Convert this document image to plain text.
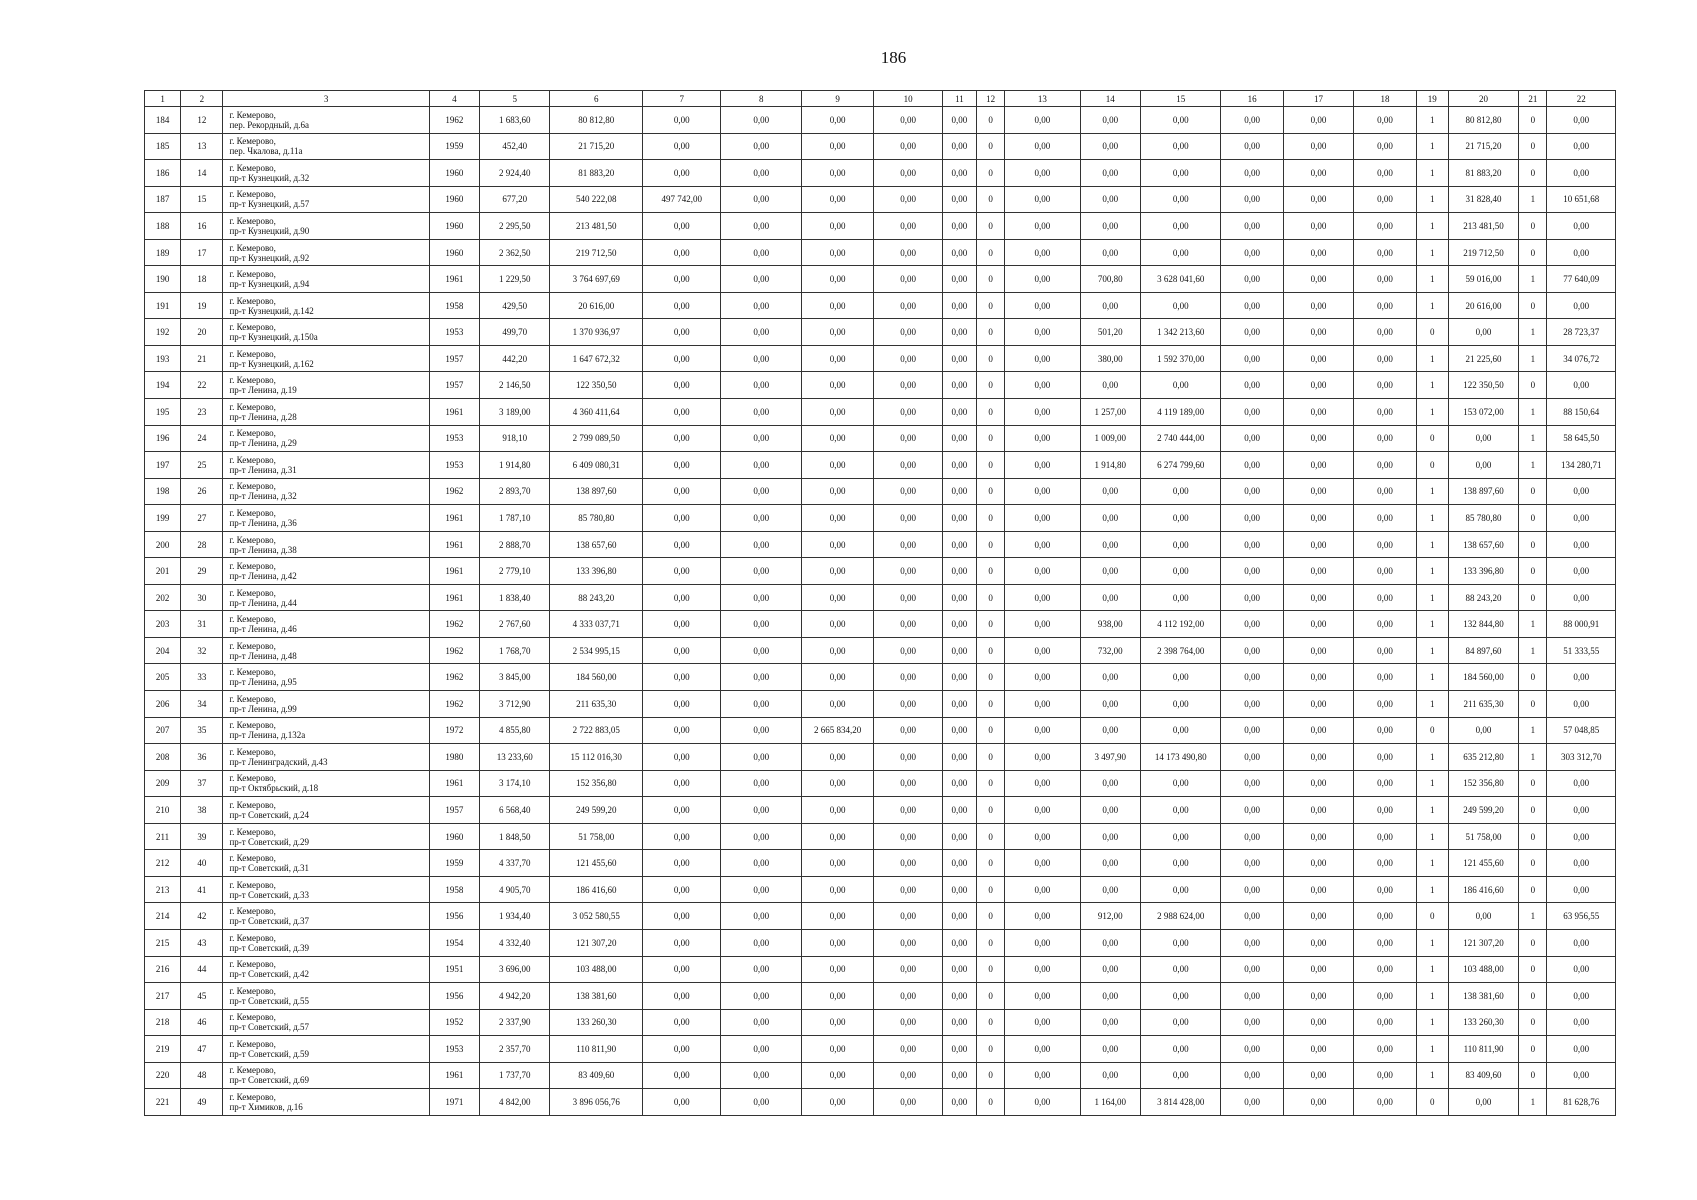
186
1	2	3	4	5	6	7	8	9	10	11	12	13	14	15	16	17	18	19	20	21	22
184	12	г. Кемерово,
пер. Рекордный, д.6а	1962	1 683,60	80 812,80	0,00	0,00	0,00	0,00	0,00	0	0,00	0,00	0,00	0,00	0,00	0,00	1	80 812,80	0	0,00
185	13	г. Кемерово,
пер. Чкалова, д.11а	1959	452,40	21 715,20	0,00	0,00	0,00	0,00	0,00	0	0,00	0,00	0,00	0,00	0,00	0,00	1	21 715,20	0	0,00
186	14	г. Кемерово,
пр-т Кузнецкий, д.32	1960	2 924,40	81 883,20	0,00	0,00	0,00	0,00	0,00	0	0,00	0,00	0,00	0,00	0,00	0,00	1	81 883,20	0	0,00
187	15	г. Кемерово,
пр-т Кузнецкий, д.57	1960	677,20	540 222,08	497 742,00	0,00	0,00	0,00	0,00	0	0,00	0,00	0,00	0,00	0,00	0,00	1	31 828,40	1	10 651,68
188	16	г. Кемерово,
пр-т Кузнецкий, д.90	1960	2 295,50	213 481,50	0,00	0,00	0,00	0,00	0,00	0	0,00	0,00	0,00	0,00	0,00	0,00	1	213 481,50	0	0,00
189	17	г. Кемерово,
пр-т Кузнецкий, д.92	1960	2 362,50	219 712,50	0,00	0,00	0,00	0,00	0,00	0	0,00	0,00	0,00	0,00	0,00	0,00	1	219 712,50	0	0,00
190	18	г. Кемерово,
пр-т Кузнецкий, д.94	1961	1 229,50	3 764 697,69	0,00	0,00	0,00	0,00	0,00	0	0,00	700,80	3 628 041,60	0,00	0,00	0,00	1	59 016,00	1	77 640,09
191	19	г. Кемерово,
пр-т Кузнецкий, д.142	1958	429,50	20 616,00	0,00	0,00	0,00	0,00	0,00	0	0,00	0,00	0,00	0,00	0,00	0,00	1	20 616,00	0	0,00
192	20	г. Кемерово,
пр-т Кузнецкий, д.150а	1953	499,70	1 370 936,97	0,00	0,00	0,00	0,00	0,00	0	0,00	501,20	1 342 213,60	0,00	0,00	0,00	0	0,00	1	28 723,37
193	21	г. Кемерово,
пр-т Кузнецкий, д.162	1957	442,20	1 647 672,32	0,00	0,00	0,00	0,00	0,00	0	0,00	380,00	1 592 370,00	0,00	0,00	0,00	1	21 225,60	1	34 076,72
194	22	г. Кемерово,
пр-т Ленина, д.19	1957	2 146,50	122 350,50	0,00	0,00	0,00	0,00	0,00	0	0,00	0,00	0,00	0,00	0,00	0,00	1	122 350,50	0	0,00
195	23	г. Кемерово,
пр-т Ленина, д.28	1961	3 189,00	4 360 411,64	0,00	0,00	0,00	0,00	0,00	0	0,00	1 257,00	4 119 189,00	0,00	0,00	0,00	1	153 072,00	1	88 150,64
196	24	г. Кемерово,
пр-т Ленина, д.29	1953	918,10	2 799 089,50	0,00	0,00	0,00	0,00	0,00	0	0,00	1 009,00	2 740 444,00	0,00	0,00	0,00	0	0,00	1	58 645,50
197	25	г. Кемерово,
пр-т Ленина, д.31	1953	1 914,80	6 409 080,31	0,00	0,00	0,00	0,00	0,00	0	0,00	1 914,80	6 274 799,60	0,00	0,00	0,00	0	0,00	1	134 280,71
198	26	г. Кемерово,
пр-т Ленина, д.32	1962	2 893,70	138 897,60	0,00	0,00	0,00	0,00	0,00	0	0,00	0,00	0,00	0,00	0,00	0,00	1	138 897,60	0	0,00
199	27	г. Кемерово,
пр-т Ленина, д.36	1961	1 787,10	85 780,80	0,00	0,00	0,00	0,00	0,00	0	0,00	0,00	0,00	0,00	0,00	0,00	1	85 780,80	0	0,00
200	28	г. Кемерово,
пр-т Ленина, д.38	1961	2 888,70	138 657,60	0,00	0,00	0,00	0,00	0,00	0	0,00	0,00	0,00	0,00	0,00	0,00	1	138 657,60	0	0,00
201	29	г. Кемерово,
пр-т Ленина, д.42	1961	2 779,10	133 396,80	0,00	0,00	0,00	0,00	0,00	0	0,00	0,00	0,00	0,00	0,00	0,00	1	133 396,80	0	0,00
202	30	г. Кемерово,
пр-т Ленина, д.44	1961	1 838,40	88 243,20	0,00	0,00	0,00	0,00	0,00	0	0,00	0,00	0,00	0,00	0,00	0,00	1	88 243,20	0	0,00
203	31	г. Кемерово,
пр-т Ленина, д.46	1962	2 767,60	4 333 037,71	0,00	0,00	0,00	0,00	0,00	0	0,00	938,00	4 112 192,00	0,00	0,00	0,00	1	132 844,80	1	88 000,91
204	32	г. Кемерово,
пр-т Ленина, д.48	1962	1 768,70	2 534 995,15	0,00	0,00	0,00	0,00	0,00	0	0,00	732,00	2 398 764,00	0,00	0,00	0,00	1	84 897,60	1	51 333,55
205	33	г. Кемерово,
пр-т Ленина, д.95	1962	3 845,00	184 560,00	0,00	0,00	0,00	0,00	0,00	0	0,00	0,00	0,00	0,00	0,00	0,00	1	184 560,00	0	0,00
206	34	г. Кемерово,
пр-т Ленина, д.99	1962	3 712,90	211 635,30	0,00	0,00	0,00	0,00	0,00	0	0,00	0,00	0,00	0,00	0,00	0,00	1	211 635,30	0	0,00
207	35	г. Кемерово,
пр-т Ленина, д.132а	1972	4 855,80	2 722 883,05	0,00	0,00	2 665 834,20	0,00	0,00	0	0,00	0,00	0,00	0,00	0,00	0,00	0	0,00	1	57 048,85
208	36	г. Кемерово,
пр-т Ленинградский, д.43	1980	13 233,60	15 112 016,30	0,00	0,00	0,00	0,00	0,00	0	0,00	3 497,90	14 173 490,80	0,00	0,00	0,00	1	635 212,80	1	303 312,70
209	37	г. Кемерово,
пр-т Октябрьский, д.18	1961	3 174,10	152 356,80	0,00	0,00	0,00	0,00	0,00	0	0,00	0,00	0,00	0,00	0,00	0,00	1	152 356,80	0	0,00
210	38	г. Кемерово,
пр-т Советский, д.24	1957	6 568,40	249 599,20	0,00	0,00	0,00	0,00	0,00	0	0,00	0,00	0,00	0,00	0,00	0,00	1	249 599,20	0	0,00
211	39	г. Кемерово,
пр-т Советский, д.29	1960	1 848,50	51 758,00	0,00	0,00	0,00	0,00	0,00	0	0,00	0,00	0,00	0,00	0,00	0,00	1	51 758,00	0	0,00
212	40	г. Кемерово,
пр-т Советский, д.31	1959	4 337,70	121 455,60	0,00	0,00	0,00	0,00	0,00	0	0,00	0,00	0,00	0,00	0,00	0,00	1	121 455,60	0	0,00
213	41	г. Кемерово,
пр-т Советский, д.33	1958	4 905,70	186 416,60	0,00	0,00	0,00	0,00	0,00	0	0,00	0,00	0,00	0,00	0,00	0,00	1	186 416,60	0	0,00
214	42	г. Кемерово,
пр-т Советский, д.37	1956	1 934,40	3 052 580,55	0,00	0,00	0,00	0,00	0,00	0	0,00	912,00	2 988 624,00	0,00	0,00	0,00	0	0,00	1	63 956,55
215	43	г. Кемерово,
пр-т Советский, д.39	1954	4 332,40	121 307,20	0,00	0,00	0,00	0,00	0,00	0	0,00	0,00	0,00	0,00	0,00	0,00	1	121 307,20	0	0,00
216	44	г. Кемерово,
пр-т Советский, д.42	1951	3 696,00	103 488,00	0,00	0,00	0,00	0,00	0,00	0	0,00	0,00	0,00	0,00	0,00	0,00	1	103 488,00	0	0,00
217	45	г. Кемерово,
пр-т Советский, д.55	1956	4 942,20	138 381,60	0,00	0,00	0,00	0,00	0,00	0	0,00	0,00	0,00	0,00	0,00	0,00	1	138 381,60	0	0,00
218	46	г. Кемерово,
пр-т Советский, д.57	1952	2 337,90	133 260,30	0,00	0,00	0,00	0,00	0,00	0	0,00	0,00	0,00	0,00	0,00	0,00	1	133 260,30	0	0,00
219	47	г. Кемерово,
пр-т Советский, д.59	1953	2 357,70	110 811,90	0,00	0,00	0,00	0,00	0,00	0	0,00	0,00	0,00	0,00	0,00	0,00	1	110 811,90	0	0,00
220	48	г. Кемерово,
пр-т Советский, д.69	1961	1 737,70	83 409,60	0,00	0,00	0,00	0,00	0,00	0	0,00	0,00	0,00	0,00	0,00	0,00	1	83 409,60	0	0,00
221	49	г. Кемерово,
пр-т Химиков, д.16	1971	4 842,00	3 896 056,76	0,00	0,00	0,00	0,00	0,00	0	0,00	1 164,00	3 814 428,00	0,00	0,00	0,00	0	0,00	1	81 628,76
